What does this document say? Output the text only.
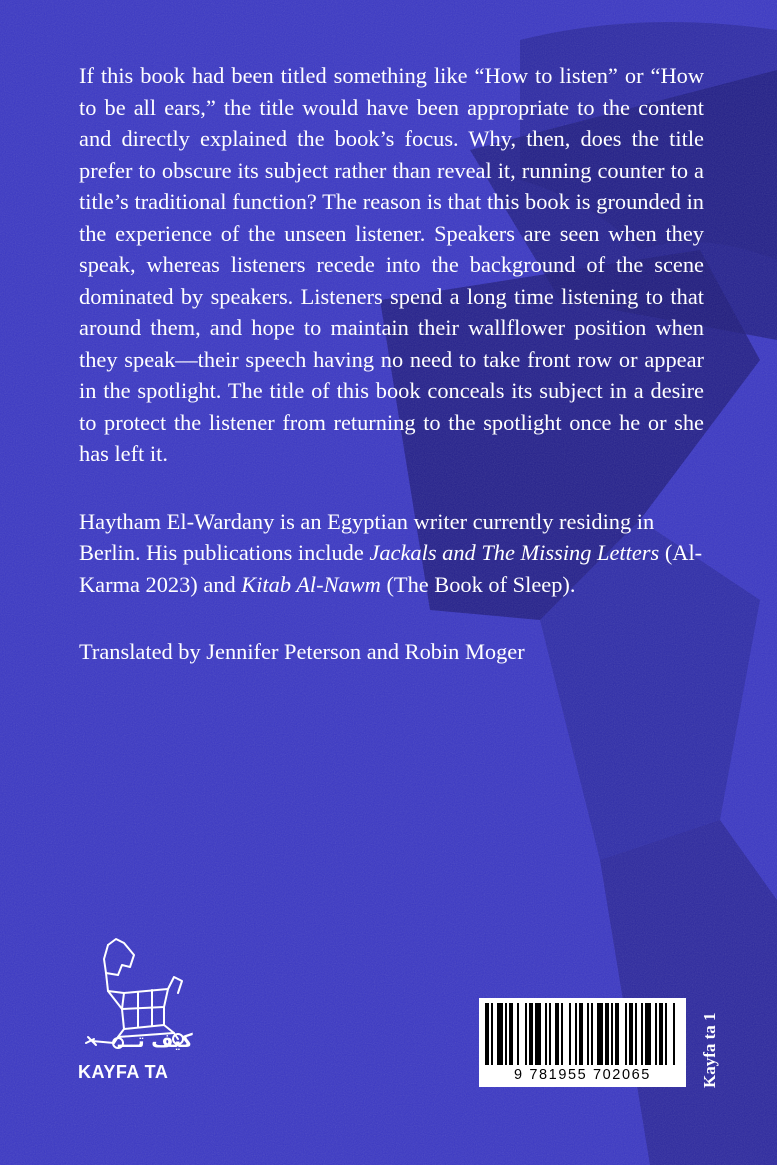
If this book had been titled something like “How to listen” or “How to be all ears,” the title would have been appropriate to the content and directly explained the book’s focus. Why, then, does the title prefer to obscure its subject rather than reveal it, running counter to a title’s traditional function? The reason is that this book is grounded in the experience of the unseen listener. Speakers are seen when they speak, whereas listeners recede into the background of the scene dominated by speakers. Listeners spend a long time listening to that around them, and hope to maintain their wallflower position when they speak—their speech having no need to take front row or appear in the spotlight. The title of this book conceals its subject in a desire to protect the listener from returning to the spotlight once he or she has left it.

Haytham El-Wardany is an Egyptian writer currently residing in Berlin. His publications include Jackals and The Missing Letters (Al-Karma 2023) and Kitab Al-Nawm (The Book of Sleep).

Translated by Jennifer Peterson and Robin Moger

كيف تـــ
KAYFA TA	9 781955 702065	Kayfa ta 1
